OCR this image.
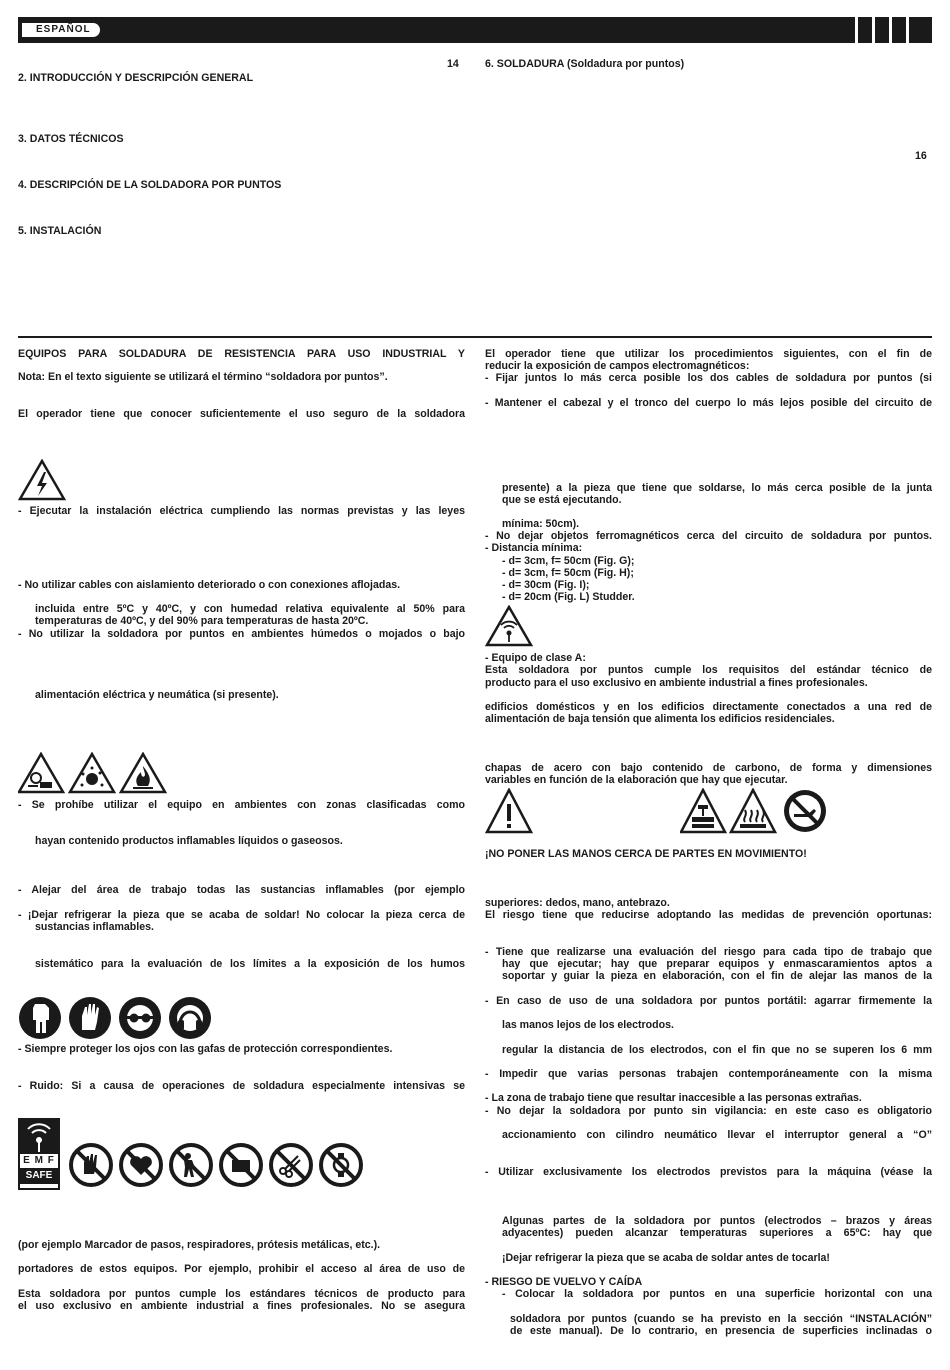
ESPAÑOL
2. INTRODUCCIÓN Y DESCRIPCIÓN GENERAL
14 6. SOLDADURA (Soldadura por puntos)
3. DATOS TÉCNICOS
16
4. DESCRIPCIÓN DE LA SOLDADORA POR PUNTOS
5. INSTALACIÓN
EQUIPOS PARA SOLDADURA DE RESISTENCIA PARA USO INDUSTRIAL Y
Nota: En el texto siguiente se utilizará el término “soldadora por puntos”.
El operador tiene que conocer suficientemente el uso seguro de la soldadora
- Ejecutar la instalación eléctrica cumpliendo las normas previstas y las leyes
- No utilizar cables con aislamiento deteriorado o con conexiones aflojadas.
incluida entre 5ºC y 40ºC, y con humedad relativa equivalente al 50% para
temperaturas de 40ºC, y del 90% para temperaturas de hasta 20ºC.
- No utilizar la soldadora por puntos en ambientes húmedos o mojados o bajo
alimentación eléctrica y neumática (si presente).
- Se prohíbe utilizar el equipo en ambientes con zonas clasificadas como
hayan contenido productos inflamables líquidos o gaseosos.
- Alejar del área de trabajo todas las sustancias inflamables (por ejemplo
- ¡Dejar refrigerar la pieza que se acaba de soldar! No colocar la pieza cerca de
sustancias inflamables.
sistemático para la evaluación de los límites a la exposición de los humos
- Siempre proteger los ojos con las gafas de protección correspondientes.
- Ruido: Si a causa de operaciones de soldadura especialmente intensivas se
E M F
SAFE
(por ejemplo Marcador de pasos, respiradores, prótesis metálicas, etc.).
portadores de estos equipos. Por ejemplo, prohibir el acceso al área de uso de
Esta soldadora por puntos cumple los estándares técnicos de producto para
el uso exclusivo en ambiente industrial a fines profesionales. No se asegura
El operador tiene que utilizar los procedimientos siguientes, con el fin de
reducir la exposición de campos electromagnéticos:
- Fijar juntos lo más cerca posible los dos cables de soldadura por puntos (si
- Mantener el cabezal y el tronco del cuerpo lo más lejos posible del circuito de
presente) a la pieza que tiene que soldarse, lo más cerca posible de la junta
que se está ejecutando.
mínima: 50cm).
- No dejar objetos ferromagnéticos cerca del circuito de soldadura por puntos.
- Distancia mínima:
- d= 3cm, f= 50cm (Fig. G);
- d= 3cm, f= 50cm (Fig. H);
- d= 30cm (Fig. I);
- d= 20cm (Fig. L) Studder.
- Equipo de clase A:
Esta soldadora por puntos cumple los requisitos del estándar técnico de
producto para el uso exclusivo en ambiente industrial a fines profesionales.
edificios domésticos y en los edificios directamente conectados a una red de
alimentación de baja tensión que alimenta los edificios residenciales.
chapas de acero con bajo contenido de carbono, de forma y dimensiones
variables en función de la elaboración que hay que ejecutar.
¡NO PONER LAS MANOS CERCA DE PARTES EN MOVIMIENTO!
superiores: dedos, mano, antebrazo.
El riesgo tiene que reducirse adoptando las medidas de prevención oportunas:
- Tiene que realizarse una evaluación del riesgo para cada tipo de trabajo que
hay que ejecutar; hay que preparar equipos y enmascaramientos aptos a
soportar y guiar la pieza en elaboración, con el fin de alejar las manos de la
- En caso de uso de una soldadora por puntos portátil: agarrar firmemente la
las manos lejos de los electrodos.
regular la distancia de los electrodos, con el fin que no se superen los 6 mm
- Impedir que varias personas trabajen contemporáneamente con la misma
- La zona de trabajo tiene que resultar inaccesible a las personas extrañas.
- No dejar la soldadora por punto sin vigilancia: en este caso es obligatorio
accionamiento con cilindro neumático llevar el interruptor general a “O”
- Utilizar exclusivamente los electrodos previstos para la máquina (véase la
Algunas partes de la soldadora por puntos (electrodos – brazos y áreas
adyacentes) pueden alcanzar temperaturas superiores a 65ºC: hay que
¡Dejar refrigerar la pieza que se acaba de soldar antes de tocarla!
- RIESGO DE VUELVO Y CAÍDA
- Colocar la soldadora por puntos en una superficie horizontal con una
soldadora por puntos (cuando se ha previsto en la sección “INSTALACIÓN”
de este manual). De lo contrario, en presencia de superficies inclinadas o
